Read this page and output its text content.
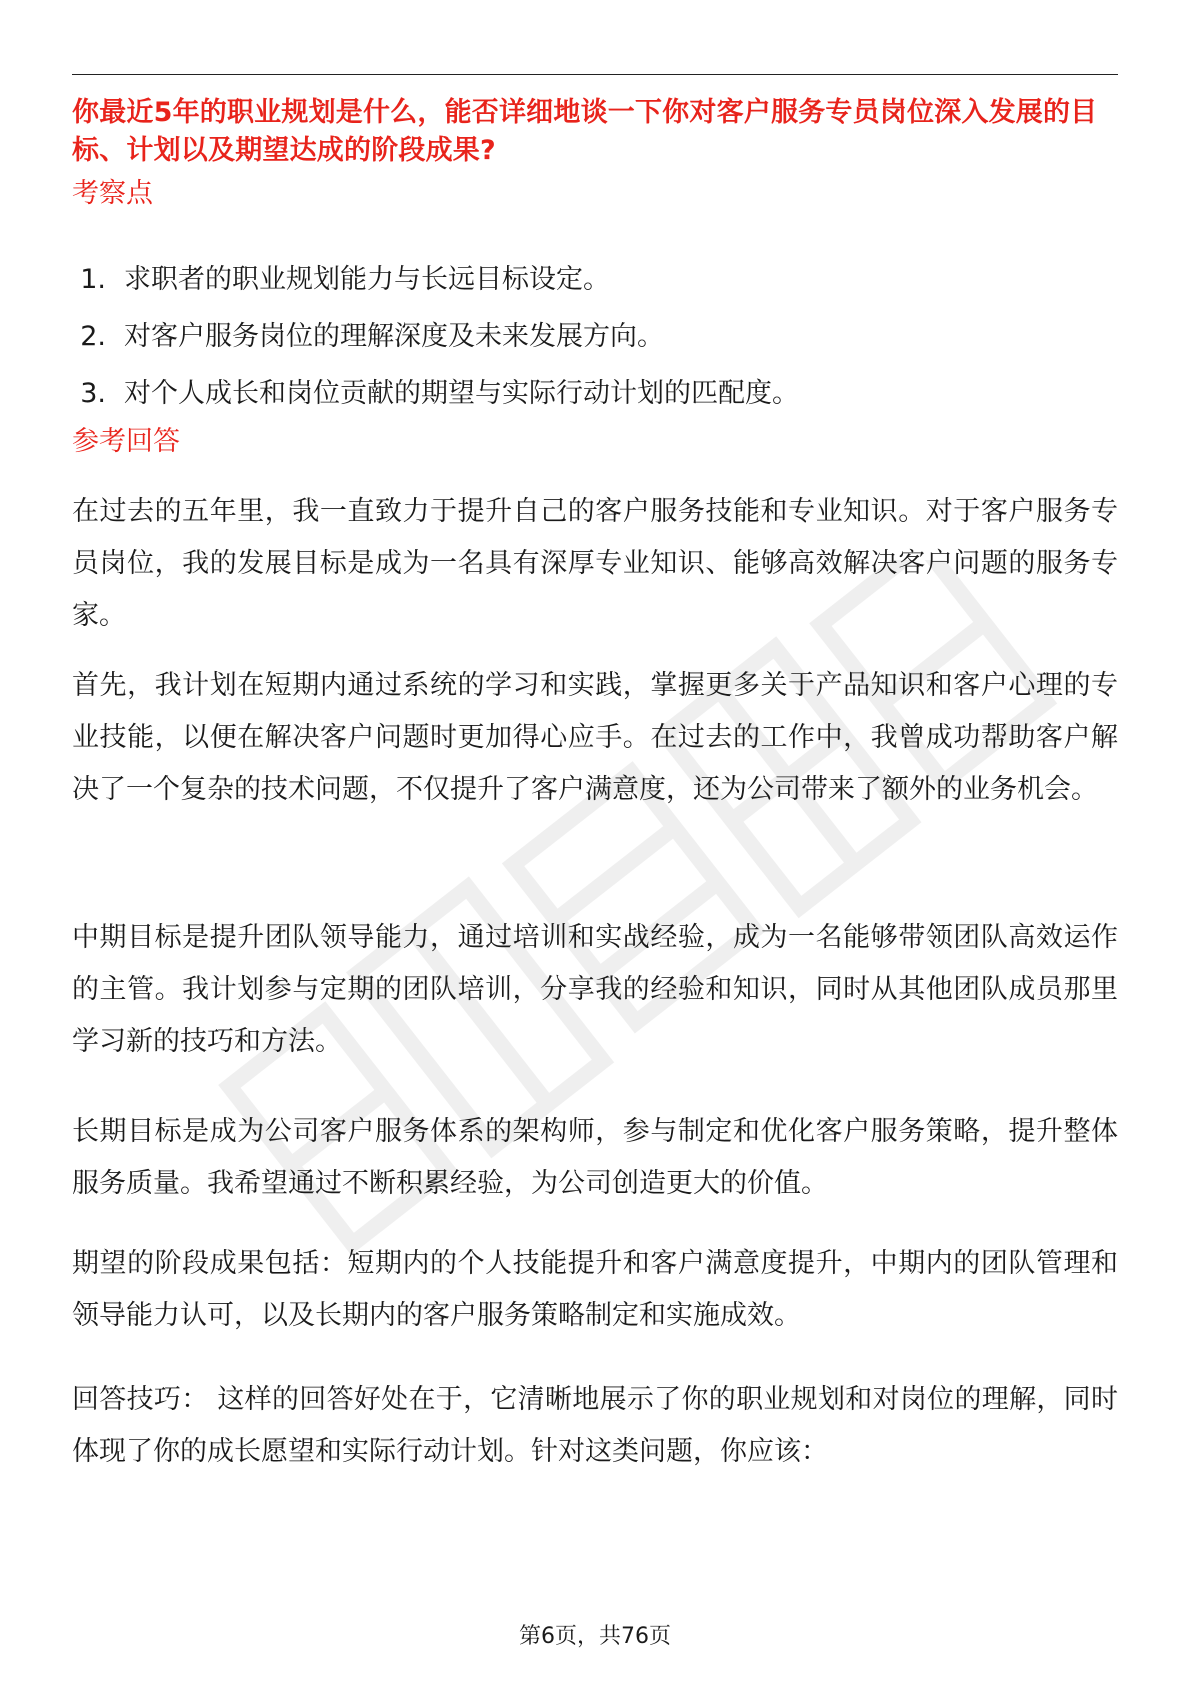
你最近5年的职业规划是什么，能否详细地谈一下你对客户服务专员岗位深入发展的目标、计划以及期望达成的阶段成果?
考察点
1. 求职者的职业规划能力与长远目标设定。
2. 对客户服务岗位的理解深度及未来发展方向。
3. 对个人成长和岗位贡献的期望与实际行动计划的匹配度。
参考回答

在过去的五年里，我一直致力于提升自己的客户服务技能和专业知识。对于客户服务专员岗位，我的发展目标是成为一名具有深厚专业知识、能够高效解决客户问题的服务专家。

首先，我计划在短期内通过系统的学习和实践，掌握更多关于产品知识和客户心理的专业技能，以便在解决客户问题时更加得心应手。在过去的工作中，我曾成功帮助客户解决了一个复杂的技术问题，不仅提升了客户满意度，还为公司带来了额外的业务机会。

中期目标是提升团队领导能力，通过培训和实战经验，成为一名能够带领团队高效运作的主管。我计划参与定期的团队培训，分享我的经验和知识，同时从其他团队成员那里学习新的技巧和方法。

长期目标是成为公司客户服务体系的架构师，参与制定和优化客户服务策略，提升整体服务质量。我希望通过不断积累经验，为公司创造更大的价值。

期望的阶段成果包括：短期内的个人技能提升和客户满意度提升，中期内的团队管理和领导能力认可，以及长期内的客户服务策略制定和实施成效。

回答技巧： 这样的回答好处在于，它清晰地展示了你的职业规划和对岗位的理解，同时体现了你的成长愿望和实际行动计划。针对这类问题，你应该：

第6页，共76页
